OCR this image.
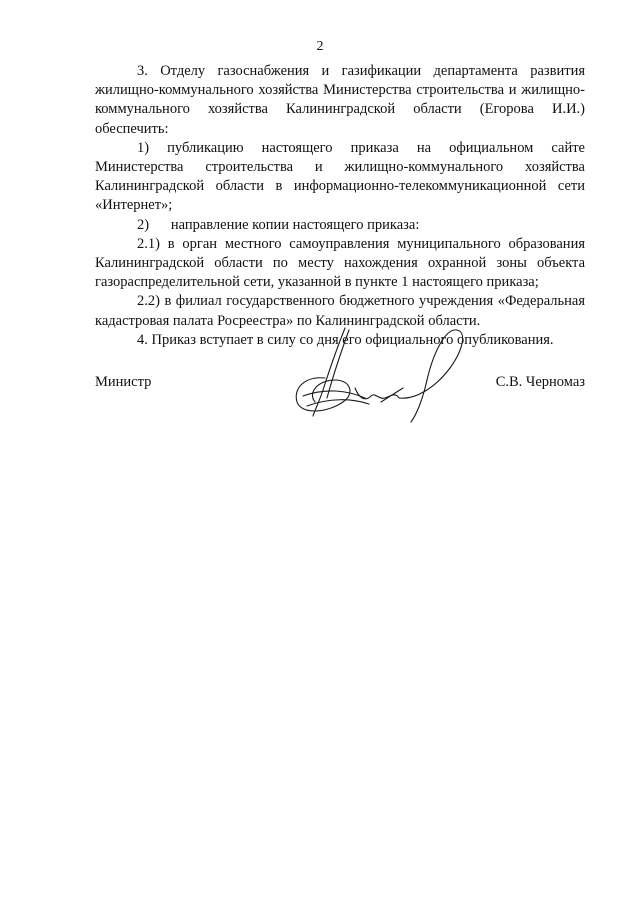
2

3. Отделу газоснабжения и газификации департамента развития жилищно-коммунального хозяйства Министерства строительства и жилищно-коммунального хозяйства Калининградской области (Егорова И.И.) обеспечить:

1) публикацию настоящего приказа на официальном сайте Министерства строительства и жилищно-коммунального хозяйства Калининградской области в информационно-телекоммуникационной сети «Интернет»;

2)      направление копии настоящего приказа:

2.1) в орган местного самоуправления муниципального образования Калининградской области по месту нахождения охранной зоны объекта газораспределительной сети, указанной в пункте 1 настоящего приказа;

2.2) в филиал государственного бюджетного учреждения «Федеральная кадастровая палата Росреестра» по Калининградской области.

4. Приказ вступает в силу со дня его официального опубликования.

Министр	С.В. Черномаз
